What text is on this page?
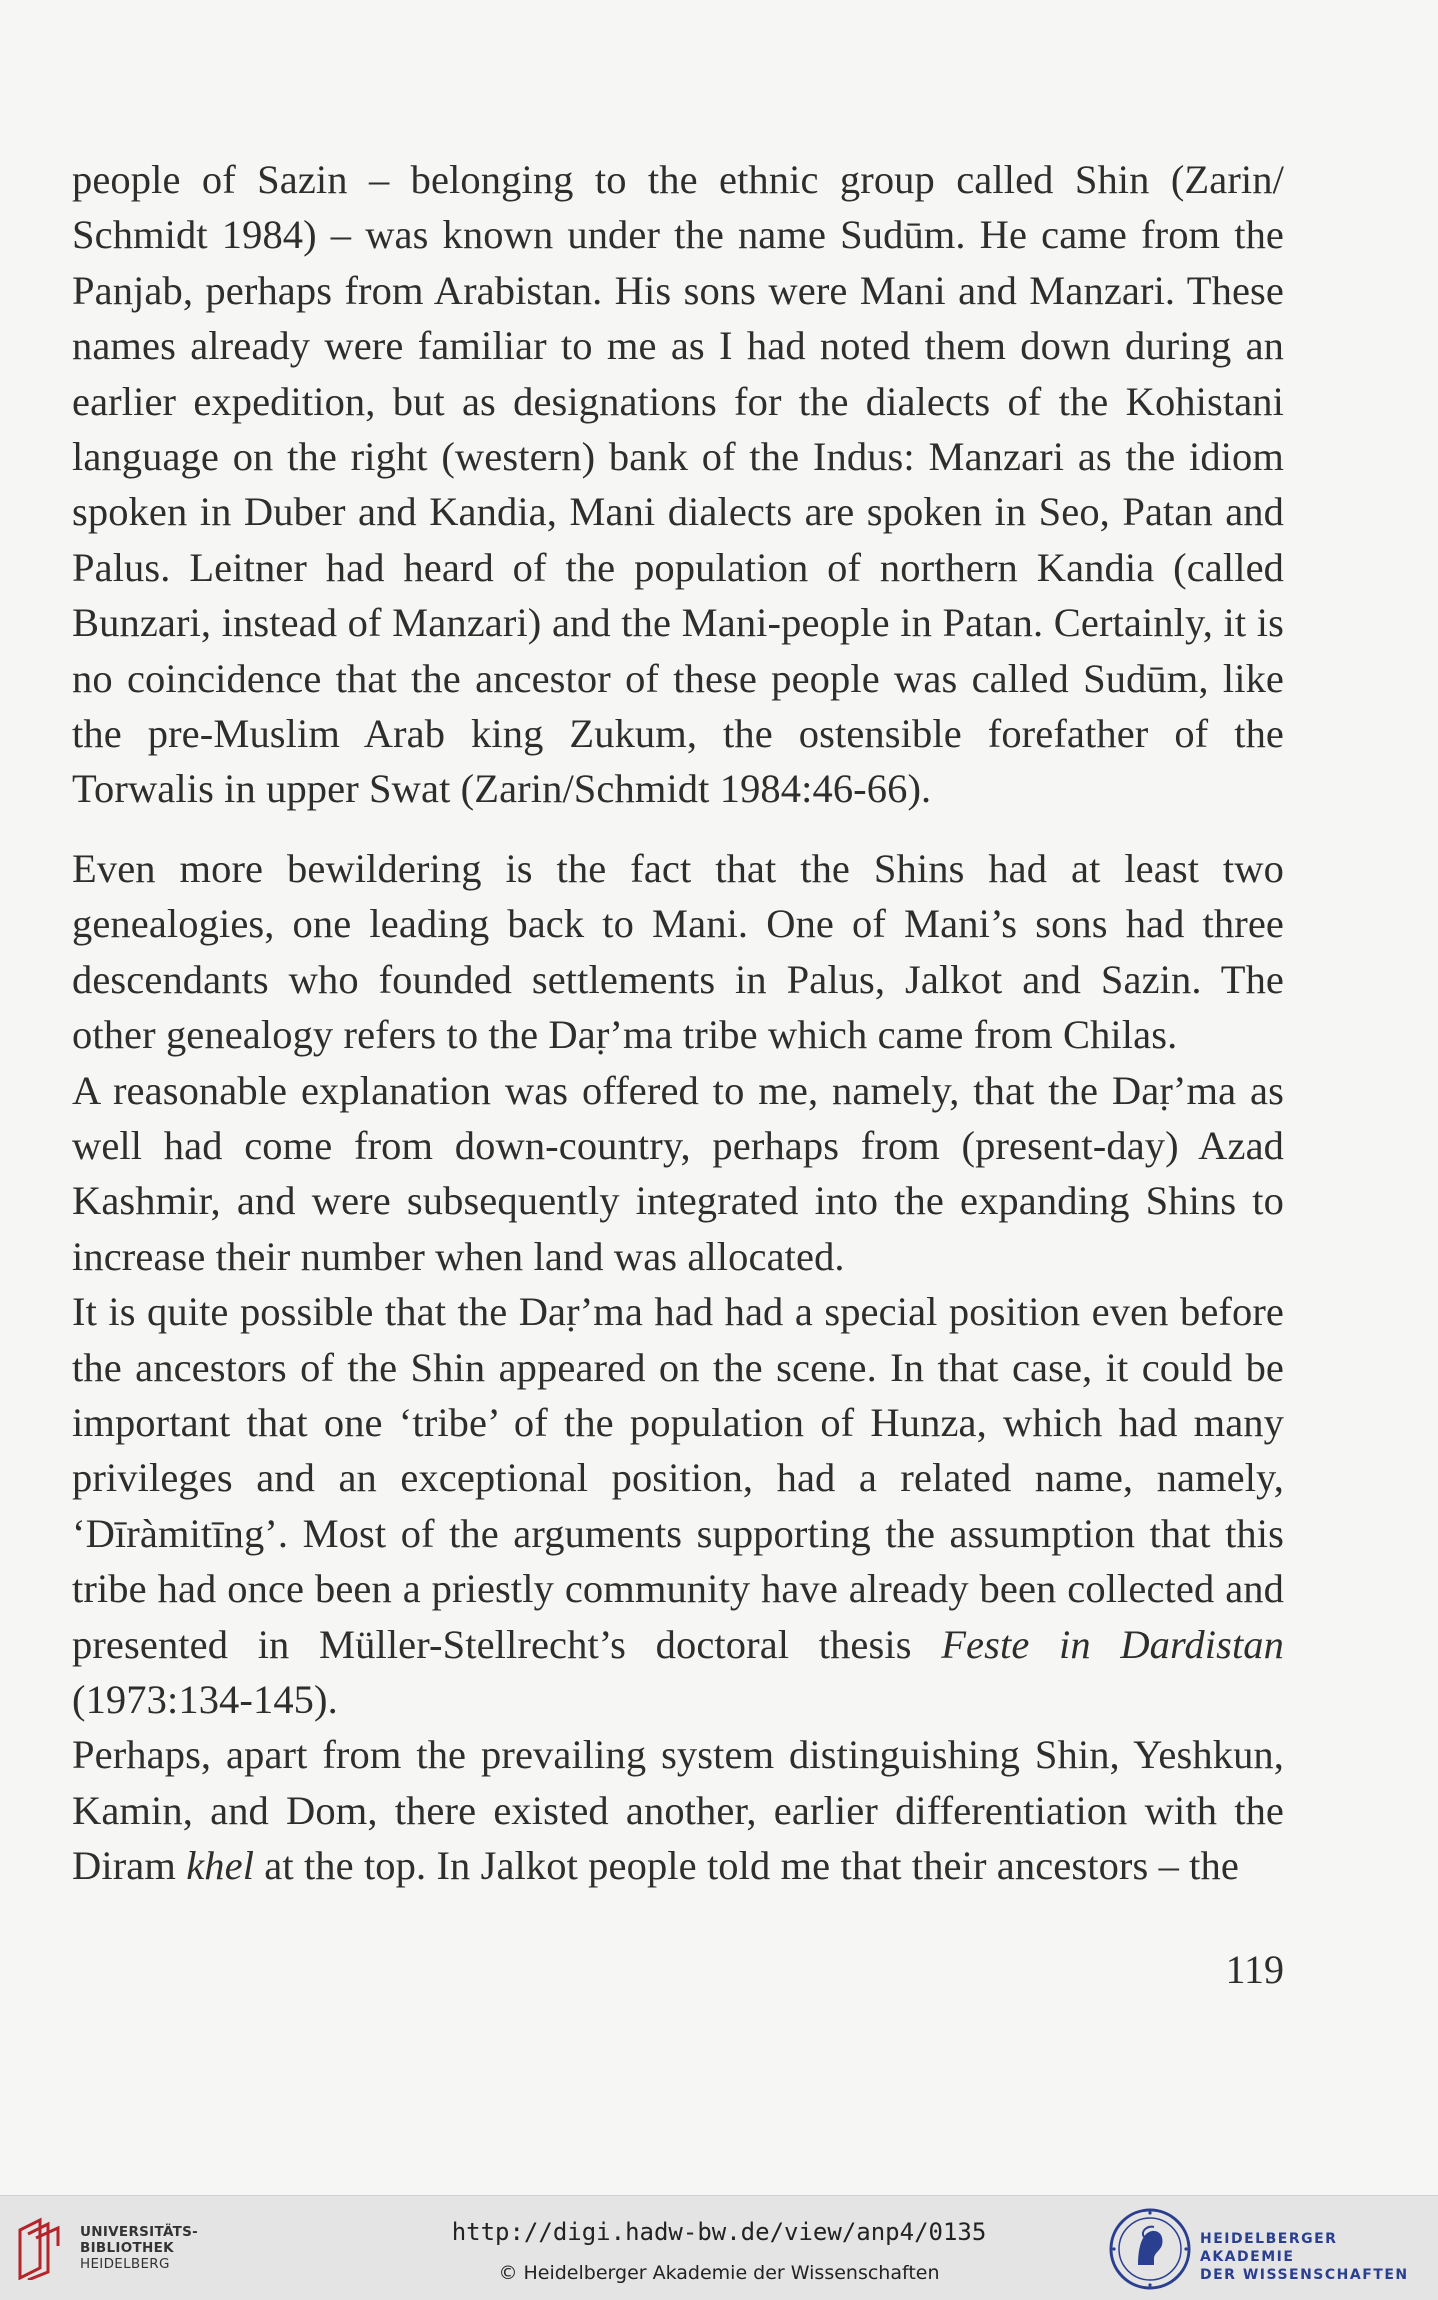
people of Sazin – belonging to the ethnic group called Shin (Zarin/ Schmidt 1984) – was known under the name Sudūm. He came from the Panjab, perhaps from Arabistan. His sons were Mani and Manzari. These names already were familiar to me as I had noted them down during an earlier expedition, but as designations for the dialects of the Kohistani language on the right (western) bank of the Indus: Manzari as the idiom spoken in Duber and Kandia, Mani dialects are spoken in Seo, Patan and Palus. Leitner had heard of the population of northern Kandia (called Bunzari, instead of Manzari) and the Mani-people in Patan. Certainly, it is no coincidence that the ancestor of these people was called Sudūm, like the pre-Muslim Arab king Zukum, the ostensible forefather of the Torwalis in upper Swat (Zarin/Schmidt 1984:46-66).

Even more bewildering is the fact that the Shins had at least two genealogies, one leading back to Mani. One of Mani’s sons had three descendants who founded settlements in Palus, Jalkot and Sazin. The other genealogy refers to the Daṛ’ma tribe which came from Chilas.

A reasonable explanation was offered to me, namely, that the Daṛ’ma as well had come from down-country, perhaps from (present-day) Azad Kashmir, and were subsequently integrated into the expanding Shins to increase their number when land was allocated.

It is quite possible that the Daṛ’ma had had a special position even before the ancestors of the Shin appeared on the scene. In that case, it could be important that one ‘tribe’ of the population of Hunza, which had many privileges and an exceptional position, had a related name, namely, ‘Dīràmitīng’. Most of the arguments supporting the assumption that this tribe had once been a priestly community have already been collected and presented in Müller-Stellrecht’s doctoral thesis Feste in Dardistan (1973:134-145).

Perhaps, apart from the prevailing system distinguishing Shin, Yeshkun, Kamin, and Dom, there existed another, earlier differentiation with the Diram khel at the top. In Jalkot people told me that their ancestors – the

119
UNIVERSITÄTS-
BIBLIOTHEK
HEIDELBERG
http://digi.hadw-bw.de/view/anp4/0135
© Heidelberger Akademie der Wissenschaften
HEIDELBERGER AKADEMIE
DER WISSENSCHAFTEN
